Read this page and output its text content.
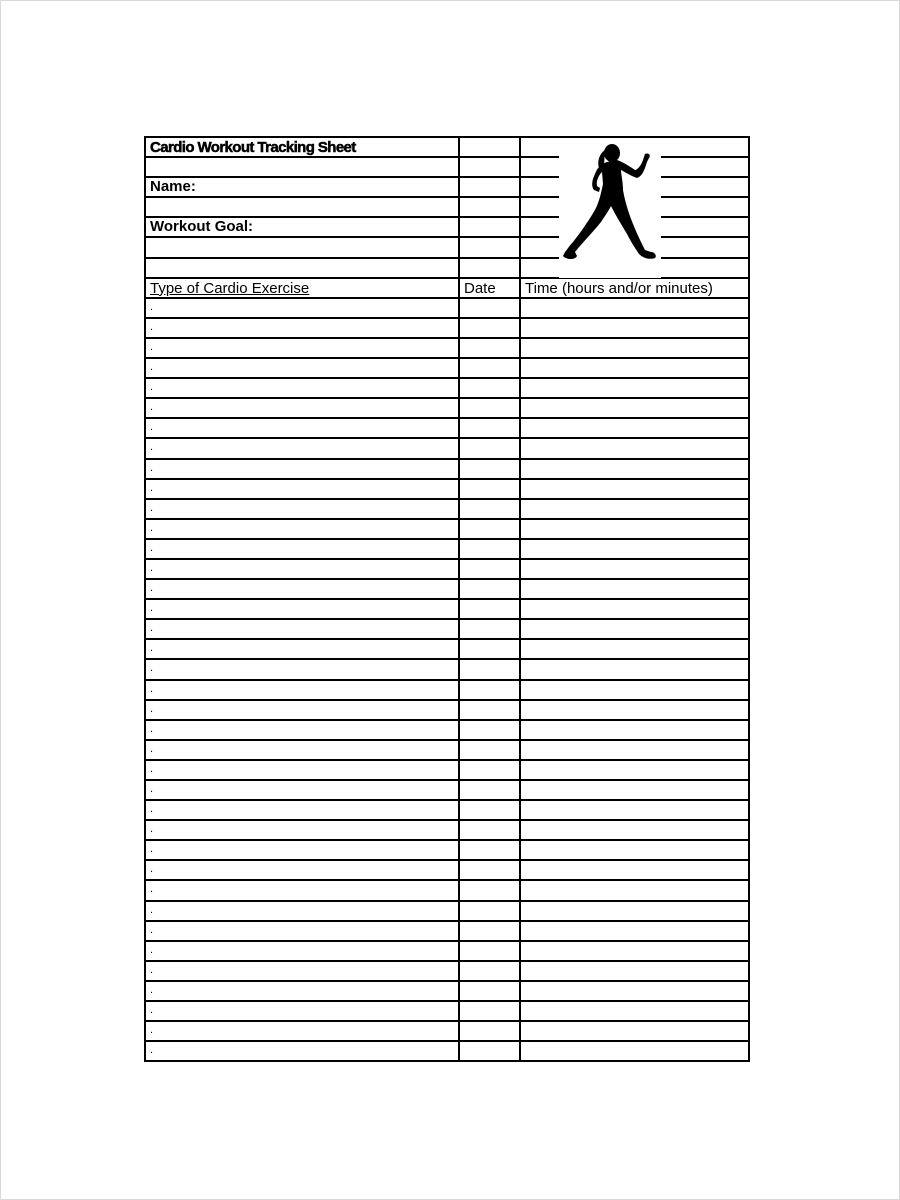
Cardio Workout Tracking Sheet
Name:
Workout Goal:
Type of Cardio Exercise	Date Time (hours and/or minutes)
.
.
.
.
.
.
.
.
.
.
.
.
.
.
.
.
.
.
.
.
.
.
.
.
.
.
.
.
.
.
.
.
.
.
.
.
.
.
